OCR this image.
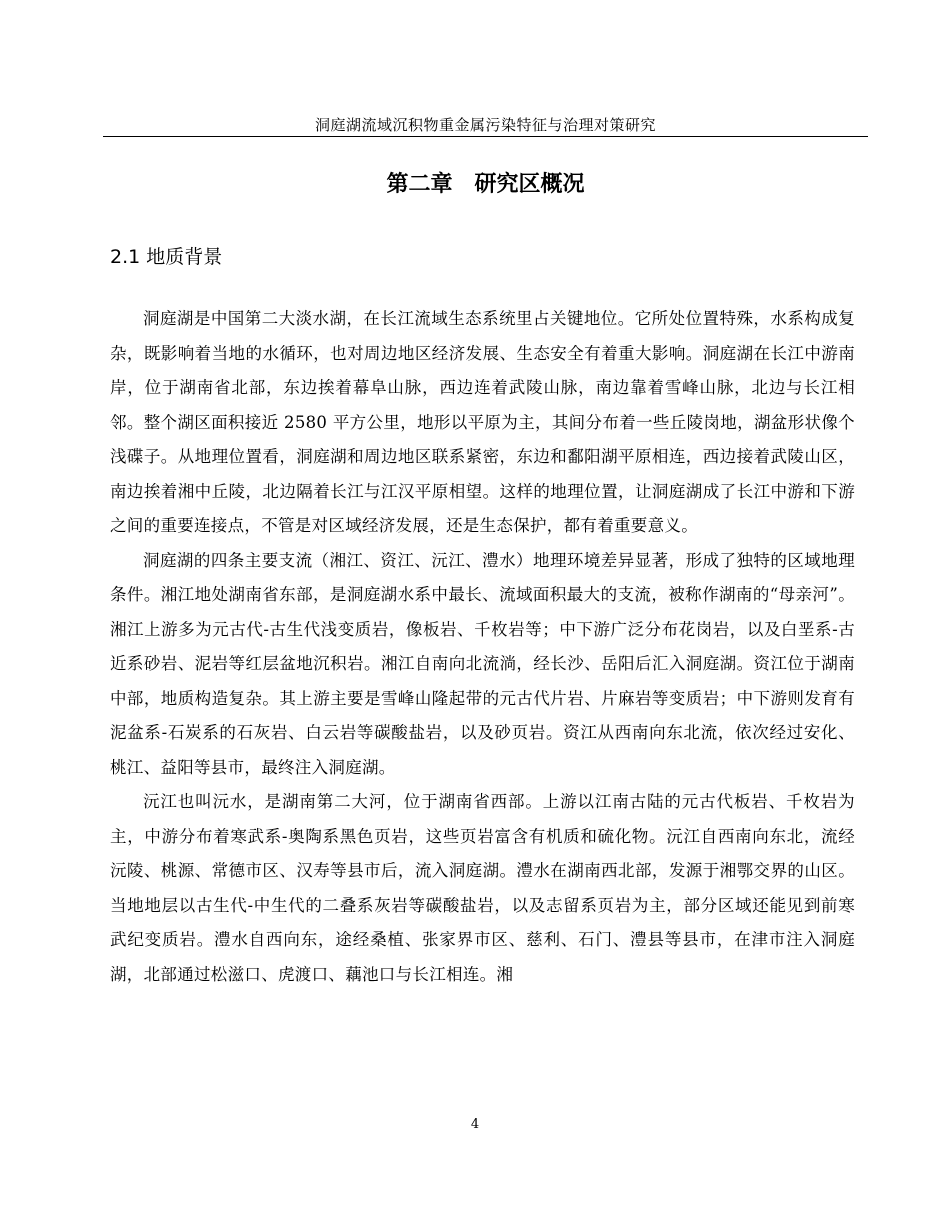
洞庭湖流域沉积物重金属污染特征与治理对策研究
第二章　研究区概况
2.1 地质背景

洞庭湖是中国第二大淡水湖，在长江流域生态系统里占关键地位。它所处位置特殊，水系构成复杂，既影响着当地的水循环，也对周边地区经济发展、生态安全有着重大影响。洞庭湖在长江中游南岸，位于湖南省北部，东边挨着幕阜山脉，西边连着武陵山脉，南边靠着雪峰山脉，北边与长江相邻。整个湖区面积接近 2580 平方公里，地形以平原为主，其间分布着一些丘陵岗地，湖盆形状像个浅碟子。从地理位置看，洞庭湖和周边地区联系紧密，东边和鄱阳湖平原相连，西边接着武陵山区，南边挨着湘中丘陵，北边隔着长江与江汉平原相望。这样的地理位置，让洞庭湖成了长江中游和下游之间的重要连接点，不管是对区域经济发展，还是生态保护，都有着重要意义。

洞庭湖的四条主要支流（湘江、资江、沅江、澧水）地理环境差异显著，形成了独特的区域地理条件。湘江地处湖南省东部，是洞庭湖水系中最长、流域面积最大的支流，被称作湖南的“母亲河”。湘江上游多为元古代-古生代浅变质岩，像板岩、千枚岩等；中下游广泛分布花岗岩，以及白垩系-古近系砂岩、泥岩等红层盆地沉积岩。湘江自南向北流淌，经长沙、岳阳后汇入洞庭湖。资江位于湖南中部，地质构造复杂。其上游主要是雪峰山隆起带的元古代片岩、片麻岩等变质岩；中下游则发育有泥盆系-石炭系的石灰岩、白云岩等碳酸盐岩，以及砂页岩。资江从西南向东北流，依次经过安化、桃江、益阳等县市，最终注入洞庭湖。

沅江也叫沅水，是湖南第二大河，位于湖南省西部。上游以江南古陆的元古代板岩、千枚岩为主，中游分布着寒武系-奥陶系黑色页岩，这些页岩富含有机质和硫化物。沅江自西南向东北，流经沅陵、桃源、常德市区、汉寿等县市后，流入洞庭湖。澧水在湖南西北部，发源于湘鄂交界的山区。当地地层以古生代-中生代的二叠系灰岩等碳酸盐岩，以及志留系页岩为主，部分区域还能见到前寒武纪变质岩。澧水自西向东，途经桑植、张家界市区、慈利、石门、澧县等县市，在津市注入洞庭湖，北部通过松滋口、虎渡口、藕池口与长江相连。湘

4
